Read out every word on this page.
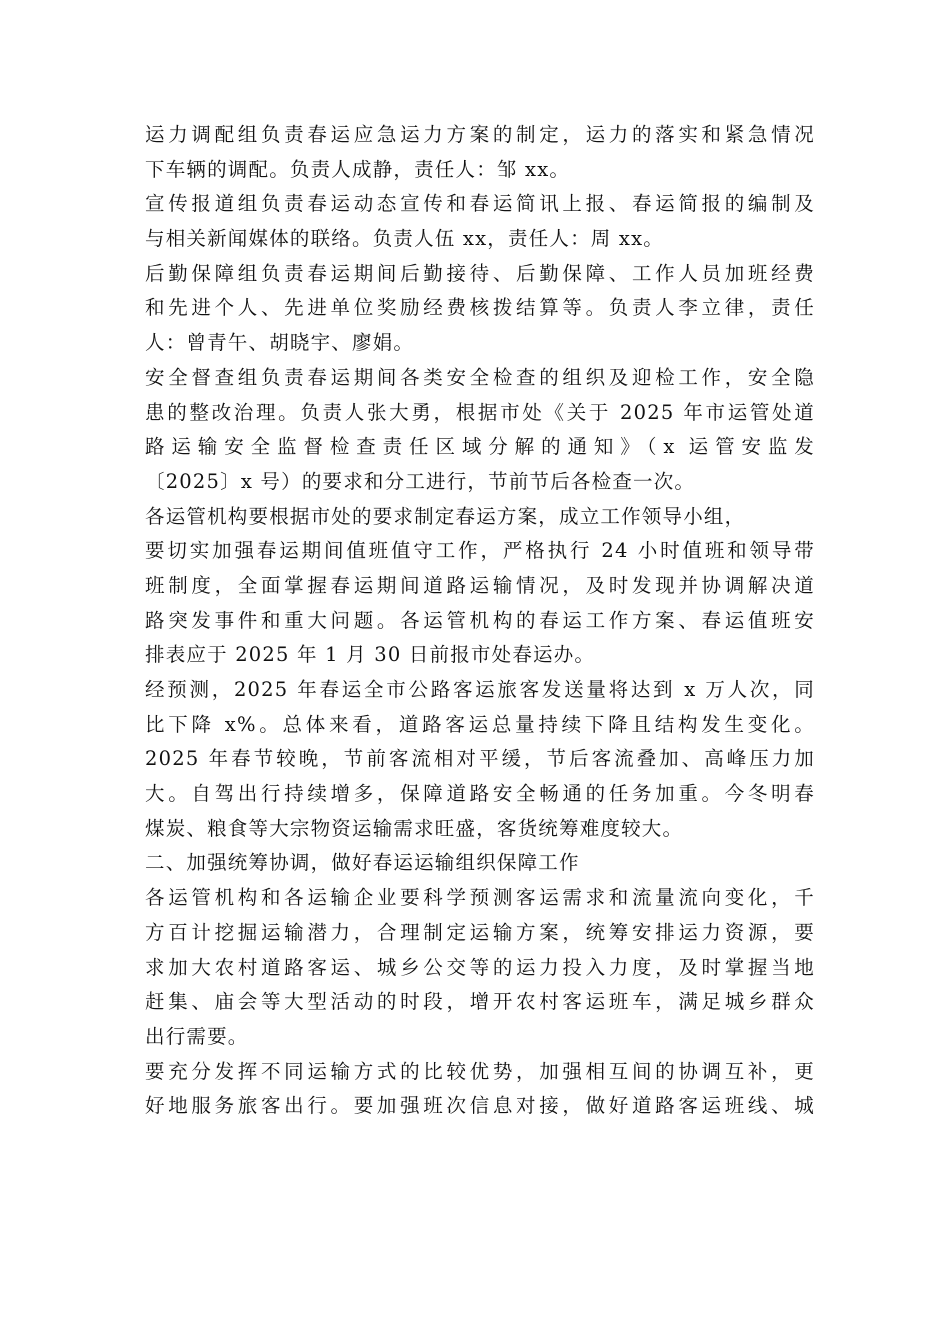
运力调配组负责春运应急运力方案的制定，运力的落实和紧急情况
下车辆的调配。负责人成静，责任人：邹 xx。
宣传报道组负责春运动态宣传和春运简讯上报、春运简报的编制及
与相关新闻媒体的联络。负责人伍 xx，责任人：周 xx。
后勤保障组负责春运期间后勤接待、后勤保障、工作人员加班经费
和先进个人、先进单位奖励经费核拨结算等。负责人李立律，责任
人：曾青午、胡晓宇、廖娟。
安全督查组负责春运期间各类安全检查的组织及迎检工作，安全隐
患的整改治理。负责人张大勇，根据市处《关于 2025 年市运管处道
路运输安全监督检查责任区域分解的通知》（x 运管安监发
〔2025〕x 号）的要求和分工进行，节前节后各检查一次。
各运管机构要根据市处的要求制定春运方案，成立工作领导小组，
要切实加强春运期间值班值守工作，严格执行 24 小时值班和领导带
班制度，全面掌握春运期间道路运输情况，及时发现并协调解决道
路突发事件和重大问题。各运管机构的春运工作方案、春运值班安
排表应于 2025 年 1 月 30 日前报市处春运办。
经预测，2025 年春运全市公路客运旅客发送量将达到 x 万人次，同
比下降 x%。总体来看，道路客运总量持续下降且结构发生变化。
2025 年春节较晚，节前客流相对平缓，节后客流叠加、高峰压力加
大。自驾出行持续增多，保障道路安全畅通的任务加重。今冬明春
煤炭、粮食等大宗物资运输需求旺盛，客货统筹难度较大。
二、加强统筹协调，做好春运运输组织保障工作
各运管机构和各运输企业要科学预测客运需求和流量流向变化，千
方百计挖掘运输潜力，合理制定运输方案，统筹安排运力资源，要
求加大农村道路客运、城乡公交等的运力投入力度，及时掌握当地
赶集、庙会等大型活动的时段，增开农村客运班车，满足城乡群众
出行需要。
要充分发挥不同运输方式的比较优势，加强相互间的协调互补，更
好地服务旅客出行。要加强班次信息对接，做好道路客运班线、城
